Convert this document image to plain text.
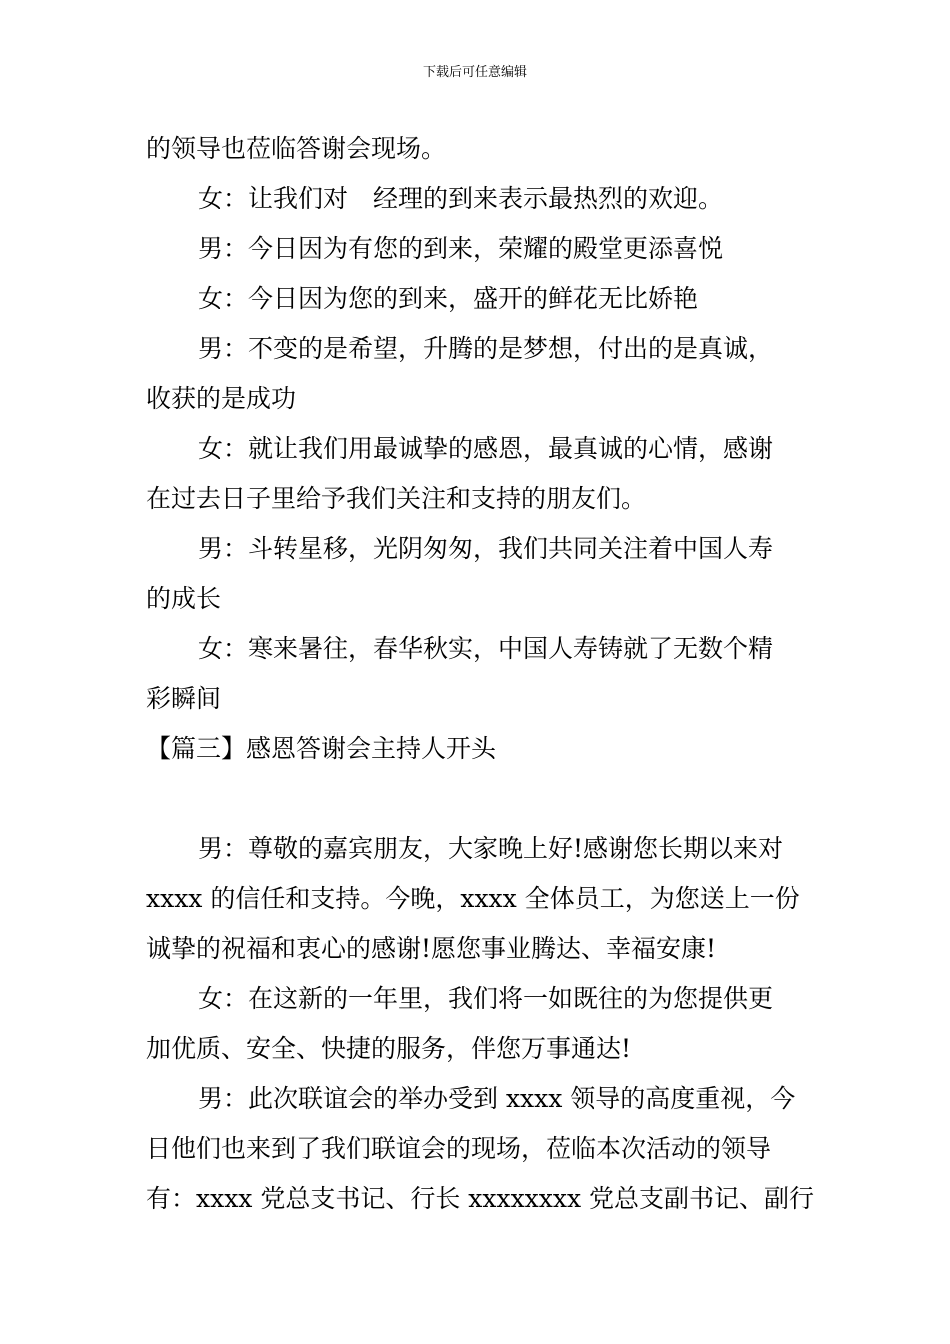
下载后可任意编辑

的领导也莅临答谢会现场。

女：让我们对　经理的到来表示最热烈的欢迎。

男：今日因为有您的到来，荣耀的殿堂更添喜悦

女：今日因为您的到来，盛开的鲜花无比娇艳

男：不变的是希望，升腾的是梦想，付出的是真诚，

收获的是成功

女：就让我们用最诚挚的感恩，最真诚的心情，感谢

在过去日子里给予我们关注和支持的朋友们。

男：斗转星移，光阴匆匆，我们共同关注着中国人寿

的成长

女：寒来暑往，春华秋实，中国人寿铸就了无数个精

彩瞬间

【篇三】感恩答谢会主持人开头

男：尊敬的嘉宾朋友，大家晚上好!感谢您长期以来对

xxxx 的信任和支持。今晚，xxxx 全体员工，为您送上一份

诚挚的祝福和衷心的感谢!愿您事业腾达、幸福安康!

女：在这新的一年里，我们将一如既往的为您提供更

加优质、安全、快捷的服务，伴您万事通达!

男：此次联谊会的举办受到 xxxx 领导的高度重视，今

日他们也来到了我们联谊会的现场，莅临本次活动的领导

有：xxxx 党总支书记、行长 xxxxxxxx 党总支副书记、副行
